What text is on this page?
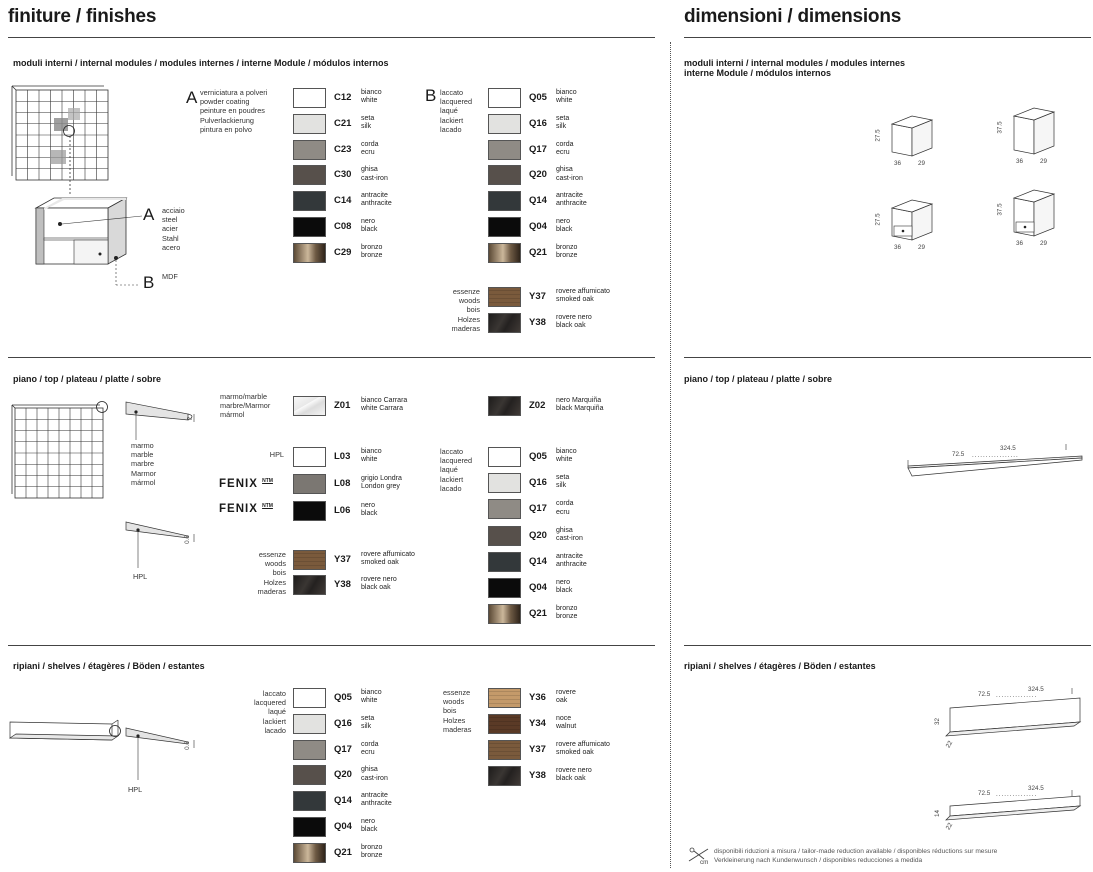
finiture / finishes	dimensioni / dimensions
moduli interni / internal modules / modules internes / interne Module / módulos internos
A acciaio
steel
acier
Stahl
acero
B MDF
A verniciatura a polveri
powder coating
peinture en poudres
Pulverlackierung
pintura en polvo
C12 bianco
white
C21 seta
silk
C23 corda
ecru
C30 ghisa
cast-iron
C14 antracite
anthracite
C08 nero
black
C29 bronzo
bronze
B laccato
lacquered
laqué
lackiert
lacado
Q05 bianco
white
Q16 seta
silk
Q17 corda
ecru
Q20 ghisa
cast-iron
Q14 antracite
anthracite
Q04 nero
black
Q21 bronzo
bronze
essenze
woods
bois
Holzes
maderas
Y37 rovere affumicato
smoked oak
Y38 rovere nero
black oak
piano / top / plateau / platte / sobre
2
marmo
marble
marbre
Marmor
mármol
0.6
HPL
marmo/marble
marbre/Marmor
mármol
Z01 bianco Carrara
white Carrara	Z02 nero Marquiña
black Marquiña
HPL
FENIX $^{NTM}$
FENIX $^{NTM}$
L03 bianco
white
L08 grigio Londra
London grey
L06 nero
black
essenze
woods
bois
Holzes
maderas
Y37 rovere affumicato
smoked oak
Y38 rovere nero
black oak
laccato
lacquered
laqué
lackiert
lacado
Q05 bianco
white
Q16 seta
silk
Q17 corda
ecru
Q20 ghisa
cast-iron
Q14 antracite
anthracite
Q04 nero
black
Q21 bronzo
bronze
ripiani / shelves / étagères / Böden / estantes
0.6
HPL
laccato
lacquered
laqué
lackiert
lacado
Q05 bianco
white
Q16 seta
silk
Q17 corda
ecru
Q20 ghisa
cast-iron
Q14 antracite
anthracite
Q04 nero
black
Q21 bronzo
bronze
essenze
woods
bois
Holzes
maderas
Y36 rovere
oak
Y34 noce
walnut
Y37 rovere affumicato
smoked oak
Y38 rovere nero
black oak
moduli interni / internal modules / modules internes
interne Module / módulos internos
27.5
36	29
37.5
36	29
27.5
36	29
37.5
36	29
piano / top / plateau / platte / sobre
72.5 .................
324.5
ripiani / shelves / étagères / Böden / estantes
72.5 ...............
324.5
32
22
72.5 ...............
324.5
14
22
cm
disponibili riduzioni a misura / tailor-made reduction available / disponibles réductions sur mesure
Verkleinerung nach Kundenwunsch / disponibles reducciones a medida
